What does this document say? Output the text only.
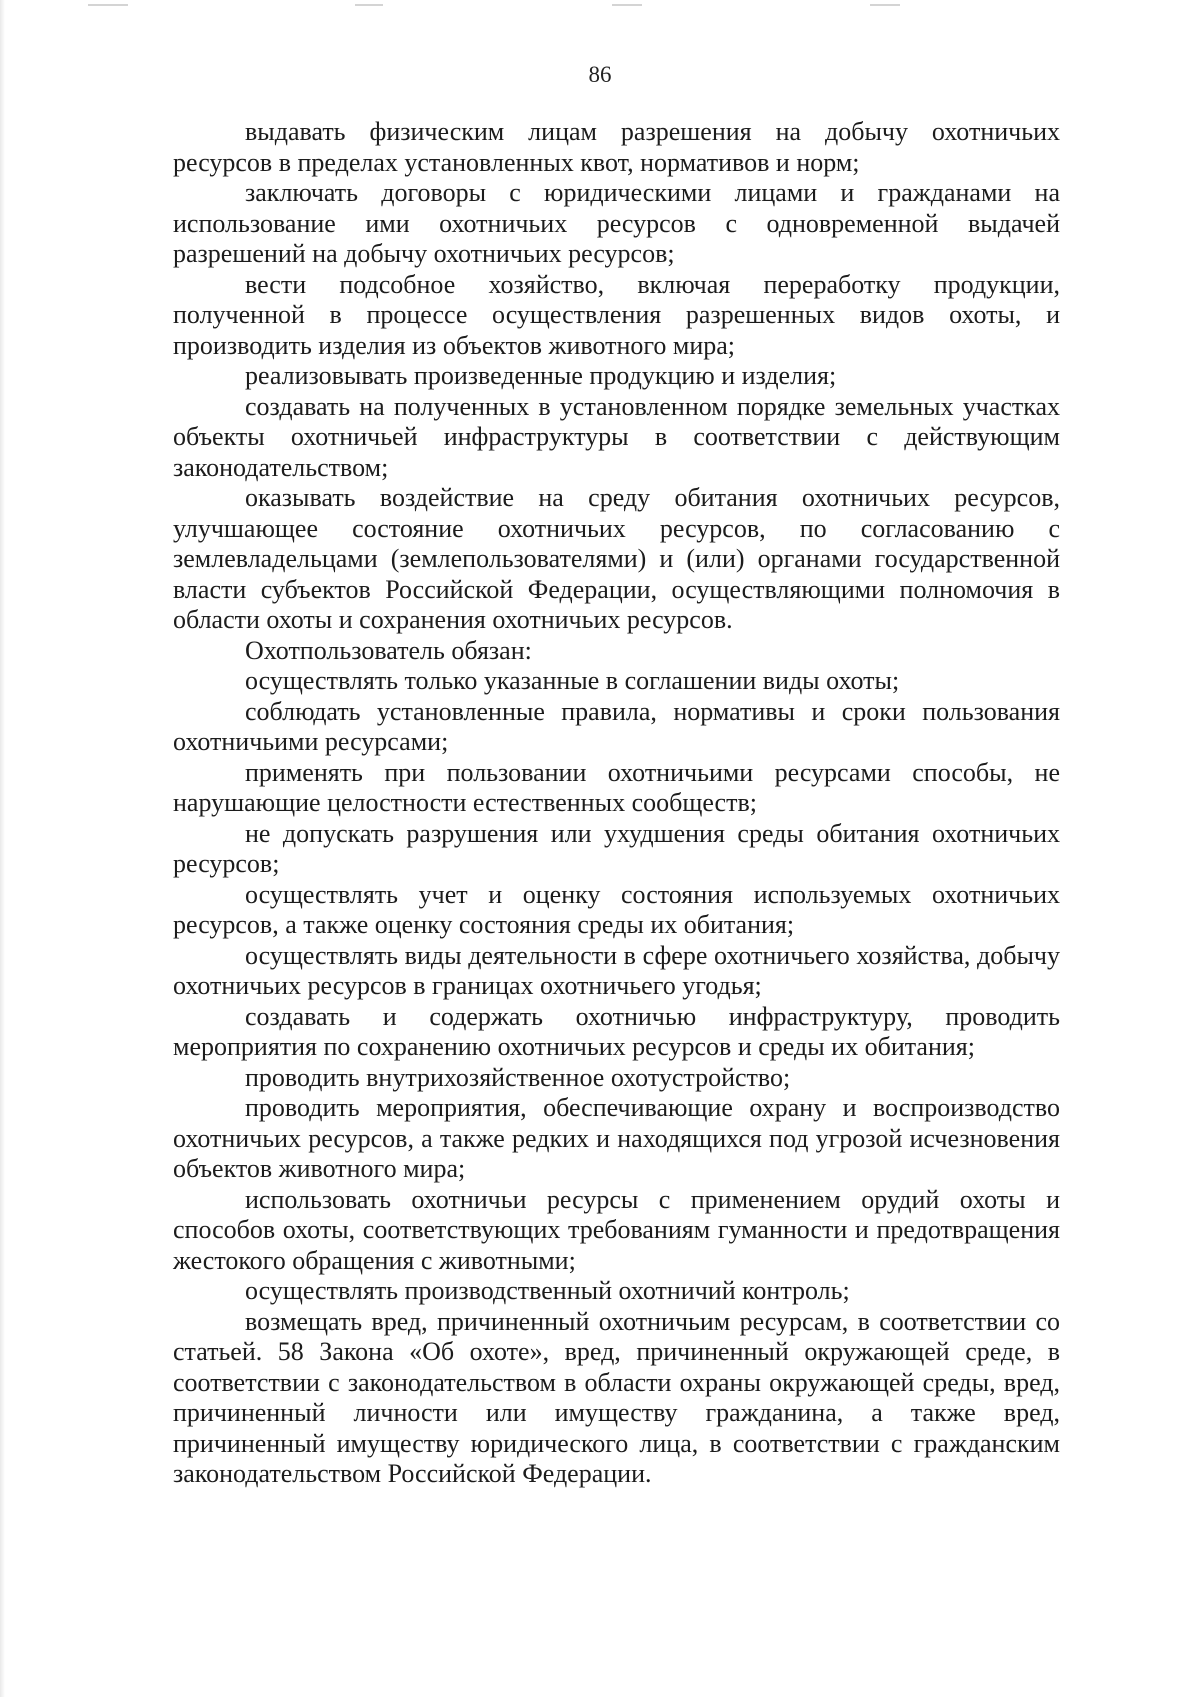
86

выдавать физическим лицам разрешения на добычу охотничьих ресурсов в пределах установленных квот, нормативов и норм;

заключать договоры с юридическими лицами и гражданами на использование ими охотничьих ресурсов с одновременной выдачей разрешений на добычу охотничьих ресурсов;

вести подсобное хозяйство, включая переработку продукции, полученной в процессе осуществления разрешенных видов охоты, и производить изделия из объектов животного мира;

реализовывать произведенные продукцию и изделия;

создавать на полученных в установленном порядке земельных участках объекты охотничьей инфраструктуры в соответствии с действующим законодательством;

оказывать воздействие на среду обитания охотничьих ресурсов, улучшающее состояние охотничьих ресурсов, по согласованию с землевладельцами (землепользователями) и (или) органами государственной власти субъектов Российской Федерации, осуществляющими полномочия в области охоты и сохранения охотничьих ресурсов.

Охотпользователь обязан:

осуществлять только указанные в соглашении виды охоты;

соблюдать установленные правила, нормативы и сроки пользования охотничьими ресурсами;

применять при пользовании охотничьими ресурсами способы, не нарушающие целостности естественных сообществ;

не допускать разрушения или ухудшения среды обитания охотничьих ресурсов;

осуществлять учет и оценку состояния используемых охотничьих ресурсов, а также оценку состояния среды их обитания;

осуществлять виды деятельности в сфере охотничьего хозяйства, добычу охотничьих ресурсов в границах охотничьего угодья;

создавать и содержать охотничью инфраструктуру, проводить мероприятия по сохранению охотничьих ресурсов и среды их обитания;

проводить внутрихозяйственное охотустройство;

проводить мероприятия, обеспечивающие охрану и воспроизводство охотничьих ресурсов, а также редких и находящихся под угрозой исчезновения объектов животного мира;

использовать охотничьи ресурсы с применением орудий охоты и способов охоты, соответствующих требованиям гуманности и предотвращения жестокого обращения с животными;

осуществлять производственный охотничий контроль;

возмещать вред, причиненный охотничьим ресурсам, в соответствии со статьей. 58 Закона «Об охоте», вред, причиненный окружающей среде, в соответствии с законодательством в области охраны окружающей среды, вред, причиненный личности или имуществу гражданина, а также вред, причиненный имуществу юридического лица, в соответствии с гражданским законодательством Российской Федерации.
